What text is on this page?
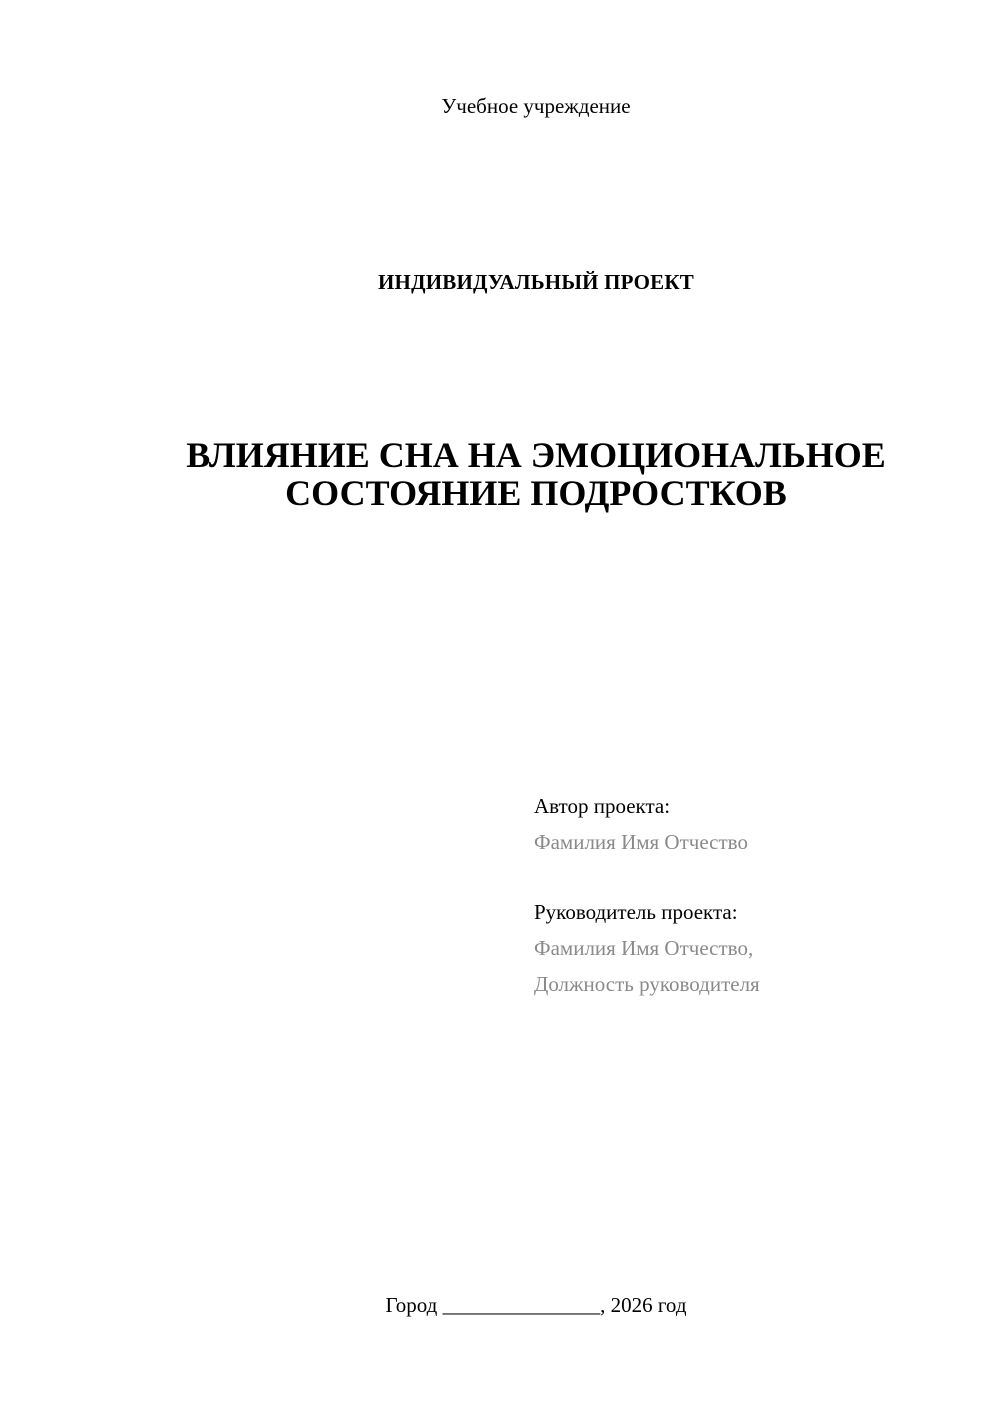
Учебное учреждение
ИНДИВИДУАЛЬНЫЙ ПРОЕКТ
ВЛИЯНИЕ СНА НА ЭМОЦИОНАЛЬНОЕ
СОСТОЯНИЕ ПОДРОСТКОВ
Автор проекта:
Фамилия Имя Отчество
Руководитель проекта:
Фамилия Имя Отчество,
Должность руководителя
Город _______________, 2026 год
